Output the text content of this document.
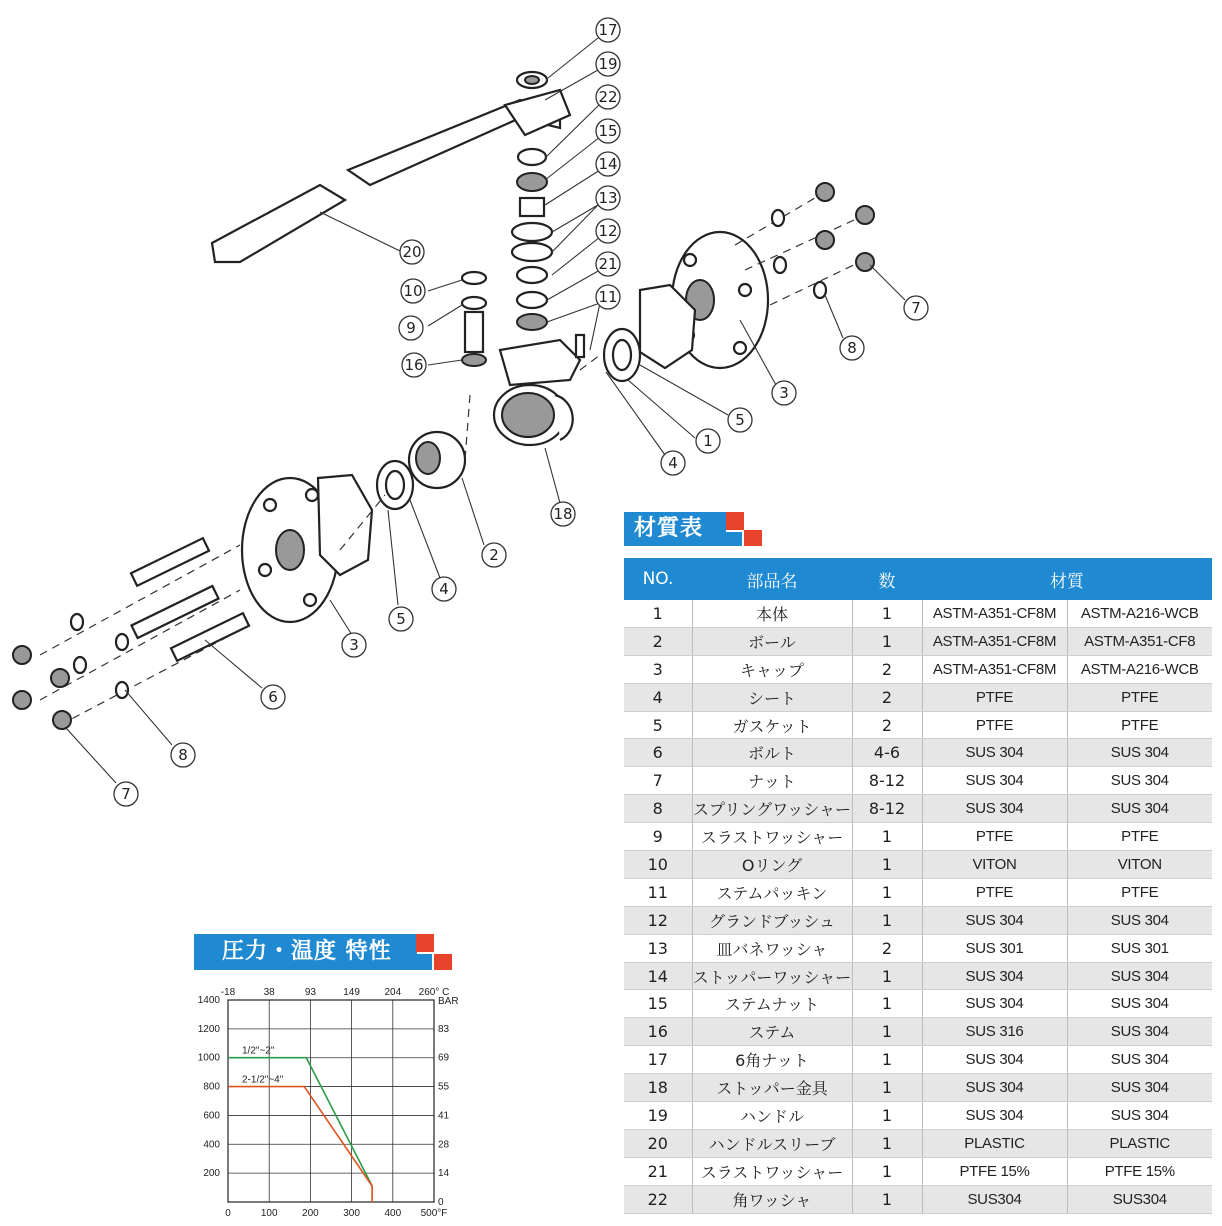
17
19
22
15
14
13
12
21
11
20
10
9
16
7
8
3
5
4
18
1
2
4
5
3
6
8
7
材質表
NO.	部品名	数	材質	
1	本体	1	ASTM-A351-CF8M	ASTM-A216-WCB
2	ボール	1	ASTM-A351-CF8M	ASTM-A351-CF8
3	キャップ	2	ASTM-A351-CF8M	ASTM-A216-WCB
4	シート	2	PTFE	PTFE
5	ガスケット	2	PTFE	PTFE
6	ボルト	4-6	SUS 304	SUS 304
7	ナット	8-12	SUS 304	SUS 304
8	スプリングワッシャー	8-12	SUS 304	SUS 304
9	スラストワッシャー	1	PTFE	PTFE
10	Oリング	1	VITON	VITON
11	ステムパッキン	1	PTFE	PTFE
12	グランドブッシュ	1	SUS 304	SUS 304
13	皿バネワッシャ	2	SUS 301	SUS 301
14	ストッパーワッシャー	1	SUS 304	SUS 304
15	ステムナット	1	SUS 304	SUS 304
16	ステム	1	SUS 316	SUS 304
17	6角ナット	1	SUS 304	SUS 304
18	ストッパー金具	1	SUS 304	SUS 304
19	ハンドル	1	SUS 304	SUS 304
20	ハンドルスリーブ	1	PLASTIC	PLASTIC
21	スラストワッシャー	1	PTFE 15%	PTFE 15%
22	角ワッシャ	1	SUS304	SUS304
圧力・温度 特性
0	100 200 300 400 500°F
-18	38	93	149 204 260° C
1400
1200
1000
800
600
400
200
BAR
83
69
55
41
28
14
0
1/2"~2"
2-1/2"~4"
